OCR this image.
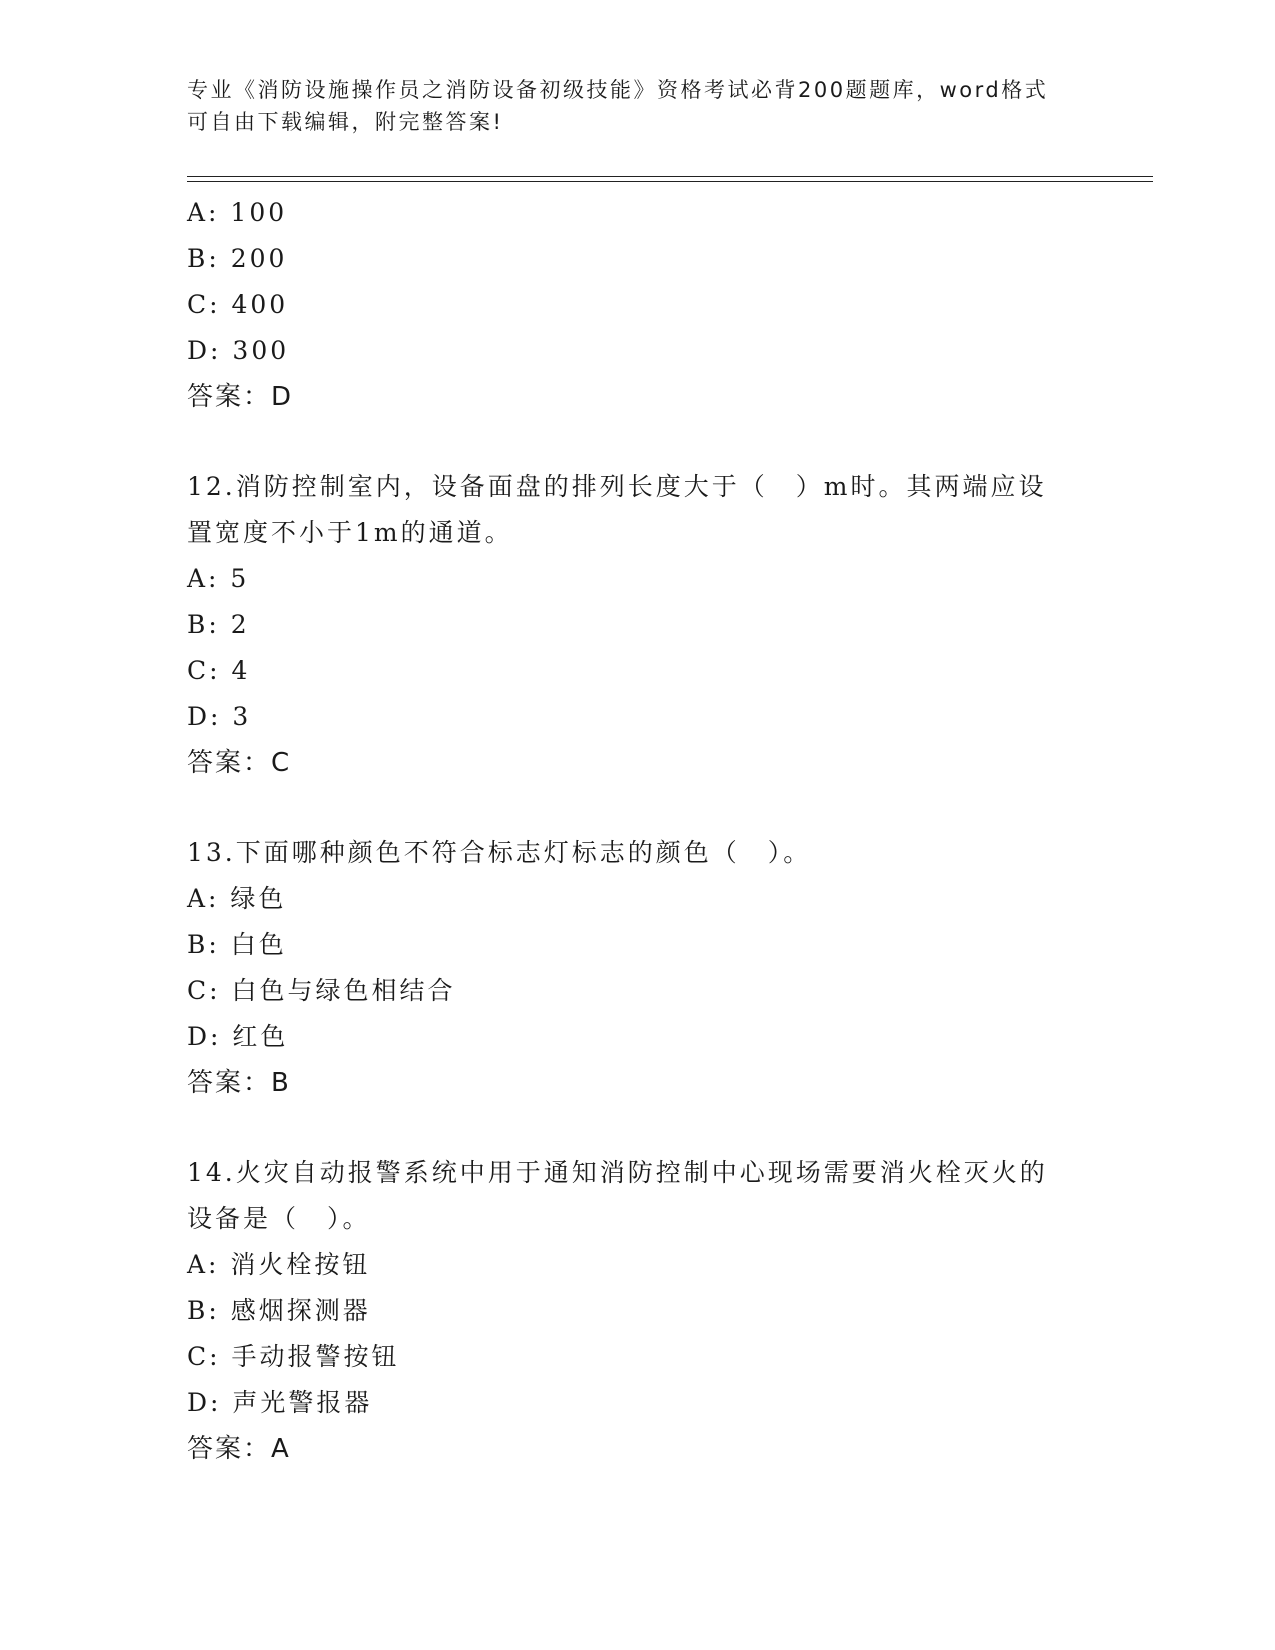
专业《消防设施操作员之消防设备初级技能》资格考试必背200题题库，word格式可自由下载编辑，附完整答案!

A: 100
B: 200
C: 400
D: 300
答案：D
12.消防控制室内，设备面盘的排列长度大于（　）m时。其两端应设置宽度不小于1m的通道。
A: 5
B: 2
C: 4
D: 3
答案：C
13.下面哪种颜色不符合标志灯标志的颜色（　）。
A: 绿色
B: 白色
C: 白色与绿色相结合
D: 红色
答案：B
14.火灾自动报警系统中用于通知消防控制中心现场需要消火栓灭火的设备是（　）。
A: 消火栓按钮
B: 感烟探测器
C: 手动报警按钮
D: 声光警报器
答案：A
